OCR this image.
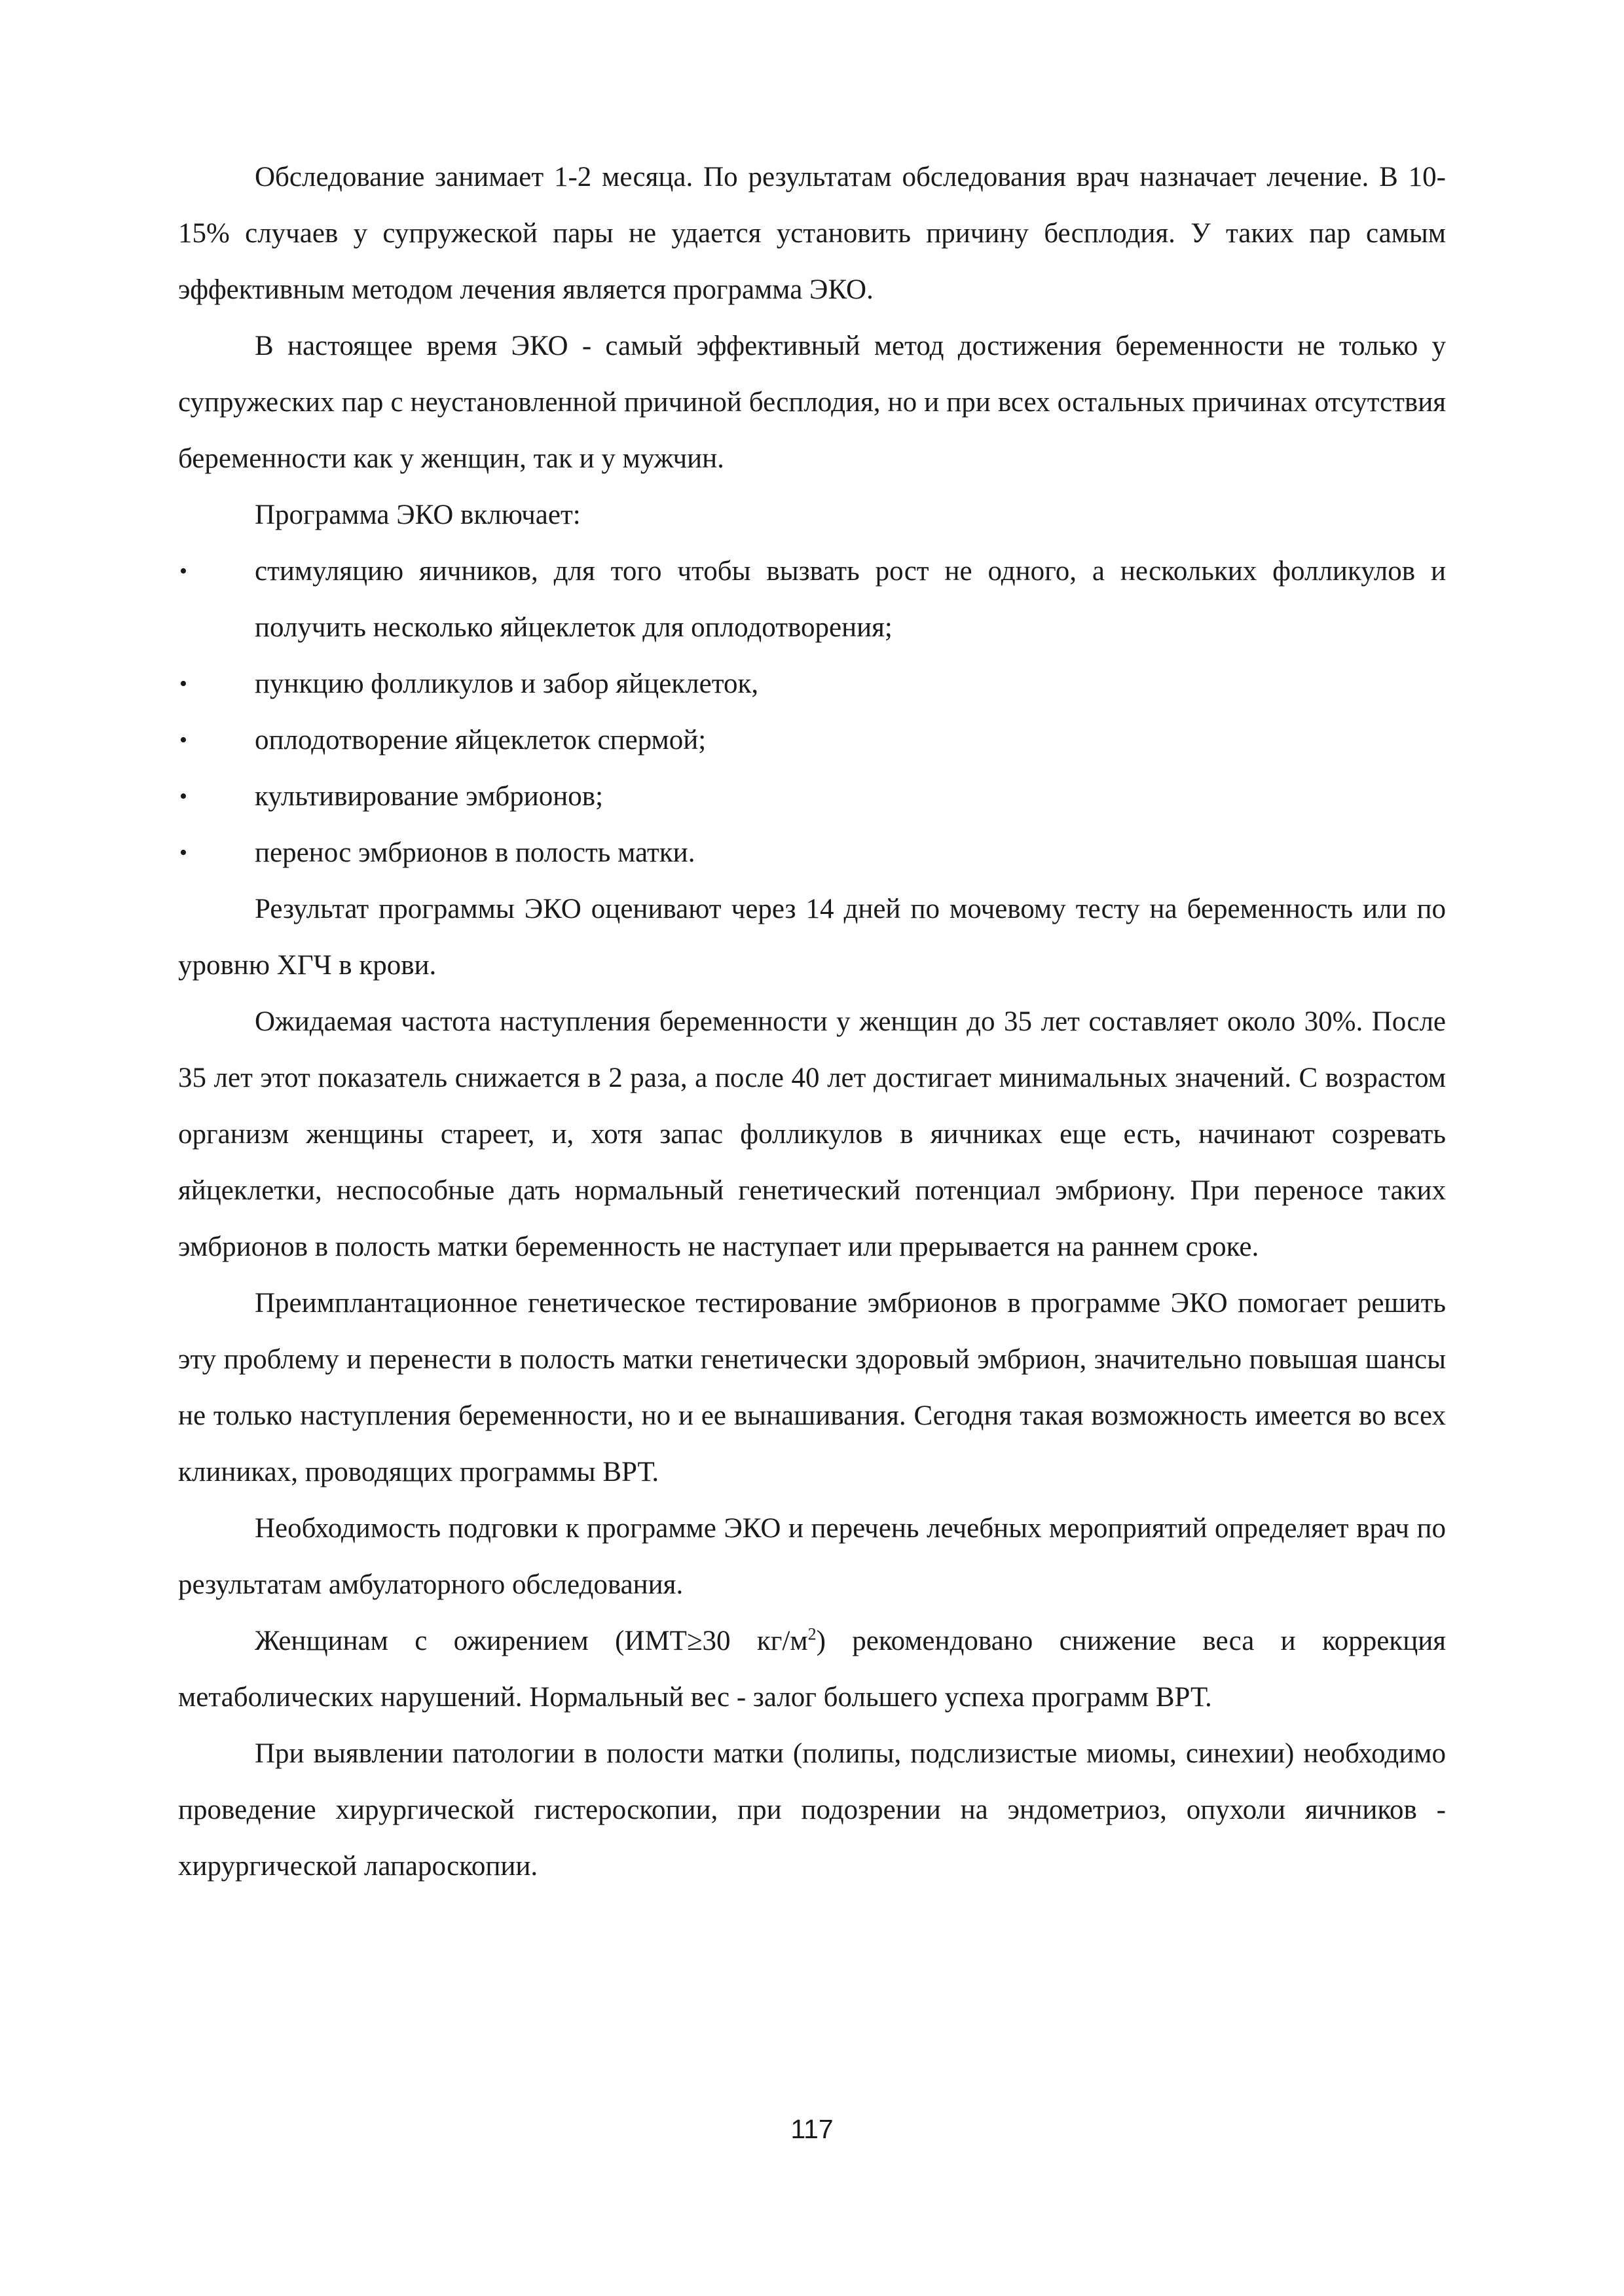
Обследование занимает 1-2 месяца. По результатам обследования врач назначает лечение. В 10-15% случаев у супружеской пары не удается установить причину бесплодия. У таких пар самым эффективным методом лечения является программа ЭКО.

В настоящее время ЭКО - самый эффективный метод достижения беременности не только у супружеских пар с неустановленной причиной бесплодия, но и при всех остальных причинах отсутствия беременности как у женщин, так и у мужчин.

Программа ЭКО включает:

• стимуляцию яичников, для того чтобы вызвать рост не одного, а нескольких фолликулов и получить несколько яйцеклеток для оплодотворения;
• пункцию фолликулов и забор яйцеклеток,
• оплодотворение яйцеклеток спермой;
• культивирование эмбрионов;
• перенос эмбрионов в полость матки.

Результат программы ЭКО оценивают через 14 дней по мочевому тесту на беременность или по уровню ХГЧ в крови.

Ожидаемая частота наступления беременности у женщин до 35 лет составляет около 30%. После 35 лет этот показатель снижается в 2 раза, а после 40 лет достигает минимальных значений. С возрастом организм женщины стареет, и, хотя запас фолликулов в яичниках еще есть, начинают созревать яйцеклетки, неспособные дать нормальный генетический потенциал эмбриону. При переносе таких эмбрионов в полость матки беременность не наступает или прерывается на раннем сроке.

Преимплантационное генетическое тестирование эмбрионов в программе ЭКО помогает решить эту проблему и перенести в полость матки генетически здоровый эмбрион, значительно повышая шансы не только наступления беременности, но и ее вынашивания. Сегодня такая возможность имеется во всех клиниках, проводящих программы ВРТ.

Необходимость подговки к программе ЭКО и перечень лечебных мероприятий определяет врач по результатам амбулаторного обследования.

Женщинам с ожирением (ИМТ≥30 $кг/м^2$) рекомендовано снижение веса и коррекция метаболических нарушений. Нормальный вес - залог большего успеха программ ВРТ.

При выявлении патологии в полости матки (полипы, подслизистые миомы, синехии) необходимо проведение хирургической гистероскопии, при подозрении на эндометриоз, опухоли яичников - хирургической лапароскопии.

117
